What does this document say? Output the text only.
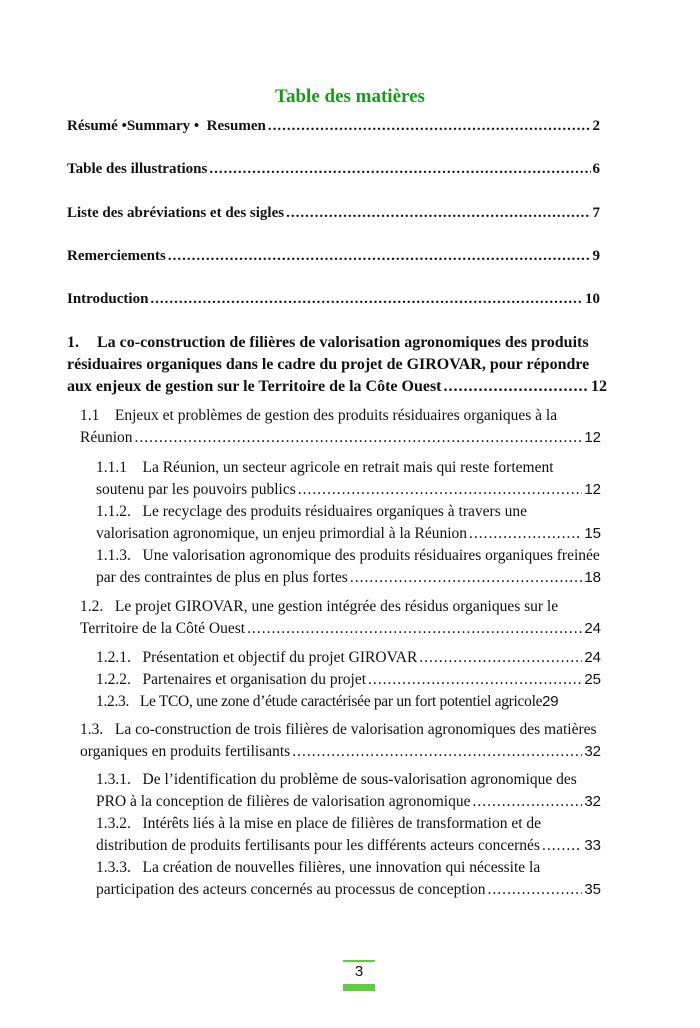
Table des matières
Résumé •Summary •  Resumen .....	2
Table des illustrations .....	6
Liste des abréviations et des sigles .....	7
Remerciements .....	9
Introduction .....	10
1. La co-construction de filières de valorisation agronomiques des produits
résiduaires organiques dans le cadre du projet de GIROVAR, pour répondre
aux enjeux de gestion sur le Territoire de la Côte Ouest .....	12
1.1 Enjeux et problèmes de gestion des produits résiduaires organiques à la
Réunion .....	12
1.1.1 La Réunion, un secteur agricole en retrait mais qui reste fortement
soutenu par les pouvoirs publics .....	12
1.1.2. Le recyclage des produits résiduaires organiques à travers une
valorisation agronomique, un enjeu primordial à la Réunion .....	15
1.1.3. Une valorisation agronomique des produits résiduaires organiques freinée
par des contraintes de plus en plus fortes .....	18
1.2. Le projet GIROVAR, une gestion intégrée des résidus organiques sur le
Territoire de la Côté Ouest .....	24
1.2.1.
Présentation et objectif du projet GIROVAR .....	24
1.2.2.
Partenaires et organisation du projet .....	25
1.2.3.
Le TCO, une zone d’étude caractérisée par un fort potentiel agricole 29
1.3. La co-construction de trois filières de valorisation agronomiques des matières
organiques en produits fertilisants .....	32
1.3.1. De l’identification du problème de sous-valorisation agronomique des
PRO à la conception de filières de valorisation agronomique .....	32
1.3.2. Intérêts liés à la mise en place de filières de transformation et de
distribution de produits fertilisants pour les différents acteurs concernés .....	33
1.3.3. La création de nouvelles filières, une innovation qui nécessite la
participation des acteurs concernés au processus de conception .....	35
3
